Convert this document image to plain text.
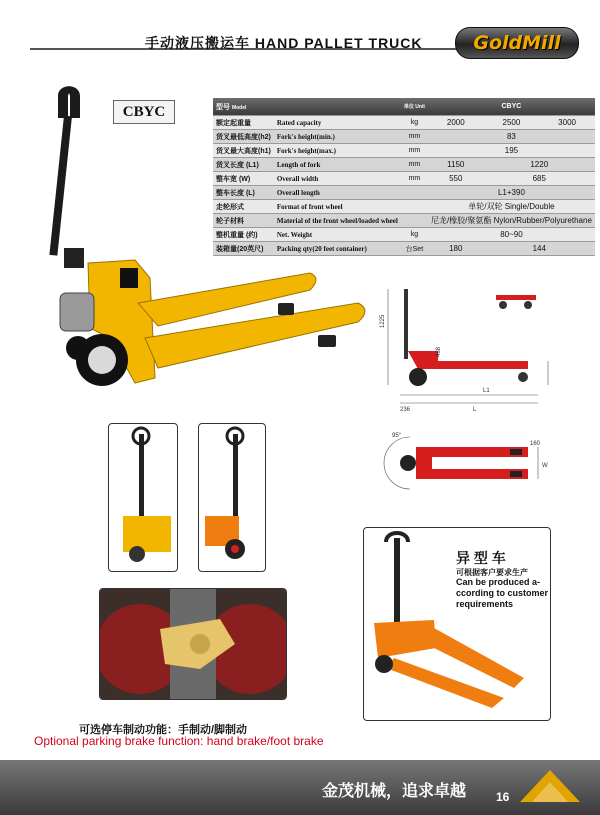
手动液压搬运车 HAND PALLET TRUCK	GoldMill
CBYC	型号 Model		单位 Unit	CBYC		
额定起重量	Rated capacity	kg	2000	2500	3000
货叉最低高度(h2)	Fork's height(min.)	mm	83		
货叉最大高度(h1)	Fork's height(max.)	mm	195		
货叉长度 (L1)	Length of fork	mm	1150	1220	
整车宽 (W)	Overall width	mm	550	685	
整车长度 (L)	Overall length		L1+390		
走轮形式	Format of front wheel		单轮/双轮 Single/Double		
轮子材料	Material of the front wheel/loaded wheel		尼龙/橡胶/聚氨酯 Nylon/Rubber/Polyurethane		
整机重量 (约)	Net. Weight	kg	80~90		
装箱量(20英尺)	Packing qty(20 feet container)	台Set	180	144	
1225
468
236
L1
L
95°
W
160
异 型 车
可根据客户要求生产
Can be produced a-ccording to customer requirements
可选停车制动功能：手制动/脚制动
Optional parking brake function: hand brake/foot brake
金茂机械，追求卓越 16
